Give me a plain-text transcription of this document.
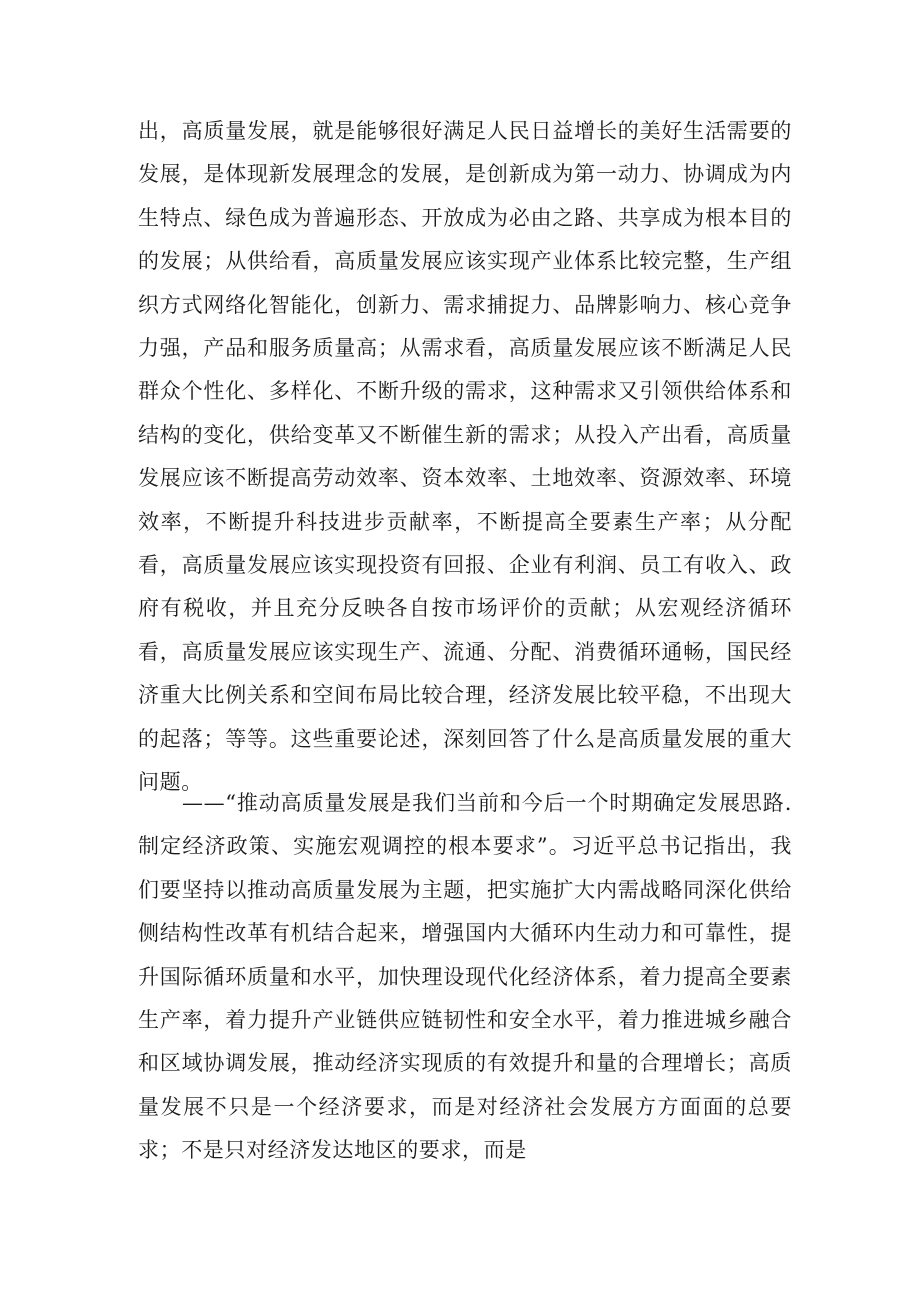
出，高质量发展，就是能够很好满足人民日益增长的美好生活需要的发展，是体现新发展理念的发展，是创新成为第一动力、协调成为内生特点、绿色成为普遍形态、开放成为必由之路、共享成为根本目的的发展；从供给看，高质量发展应该实现产业体系比较完整，生产组织方式网络化智能化，创新力、需求捕捉力、品牌影响力、核心竞争力强，产品和服务质量高；从需求看，高质量发展应该不断满足人民群众个性化、多样化、不断升级的需求，这种需求又引领供给体系和结构的变化，供给变革又不断催生新的需求；从投入产出看，高质量发展应该不断提高劳动效率、资本效率、土地效率、资源效率、环境效率，不断提升科技进步贡献率，不断提高全要素生产率；从分配看，高质量发展应该实现投资有回报、企业有利润、员工有收入、政府有税收，并且充分反映各自按市场评价的贡献；从宏观经济循环看，高质量发展应该实现生产、流通、分配、消费循环通畅，国民经济重大比例关系和空间布局比较合理，经济发展比较平稳，不出现大的起落；等等。这些重要论述，深刻回答了什么是高质量发展的重大问题。

——“推动高质量发展是我们当前和今后一个时期确定发展思路.制定经济政策、实施宏观调控的根本要求”。习近平总书记指出，我们要坚持以推动高质量发展为主题，把实施扩大内需战略同深化供给侧结构性改革有机结合起来，增强国内大循环内生动力和可靠性，提升国际循环质量和水平，加快理设现代化经济体系，着力提高全要素生产率，着力提升产业链供应链韧性和安全水平，着力推进城乡融合和区域协调发展，推动经济实现质的有效提升和量的合理增长；高质量发展不只是一个经济要求，而是对经济社会发展方方面面的总要求；不是只对经济发达地区的要求，而是
